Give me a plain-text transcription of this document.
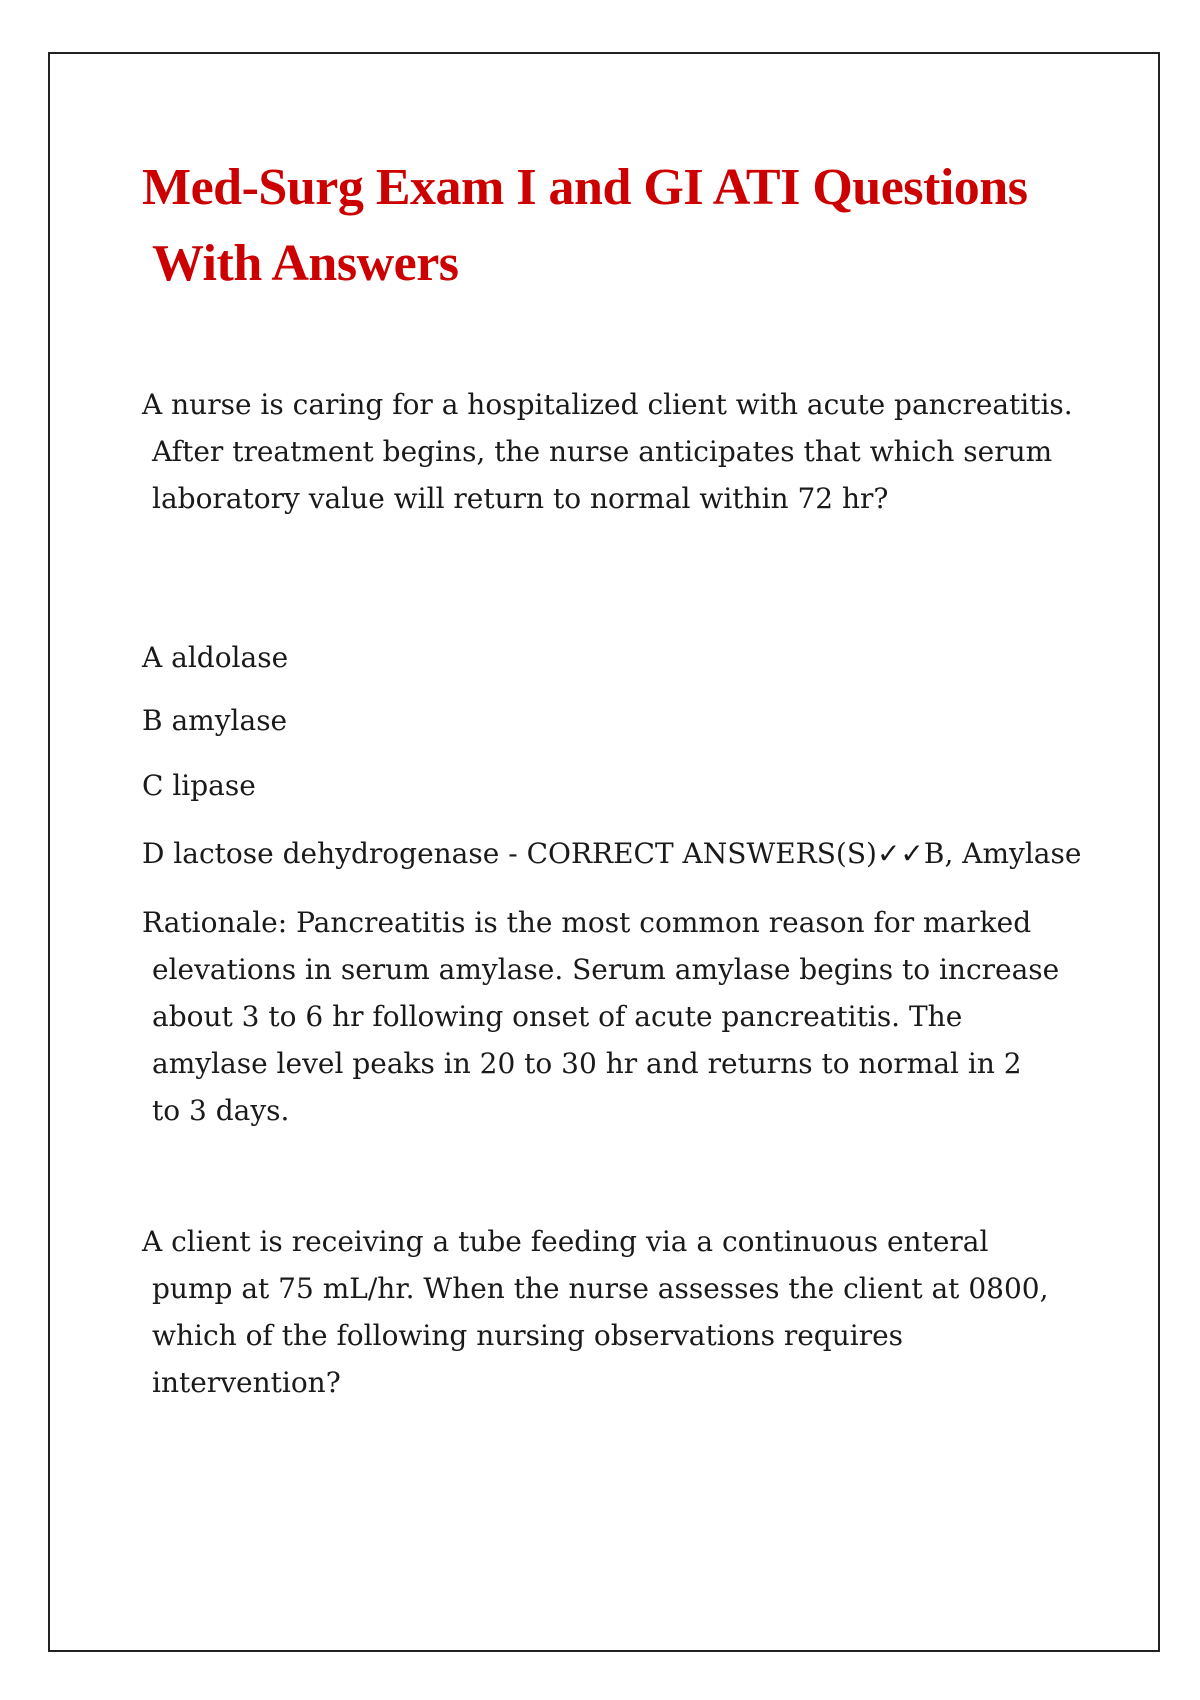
Med-Surg Exam I and GI ATI Questions
With Answers

A nurse is caring for a hospitalized client with acute pancreatitis.
After treatment begins, the nurse anticipates that which serum
laboratory value will return to normal within 72 hr?

A aldolase

B amylase

C lipase

D lactose dehydrogenase - CORRECT ANSWERS(S)✓✓B, Amylase

Rationale: Pancreatitis is the most common reason for marked
elevations in serum amylase. Serum amylase begins to increase
about 3 to 6 hr following onset of acute pancreatitis. The
amylase level peaks in 20 to 30 hr and returns to normal in 2
to 3 days.

A client is receiving a tube feeding via a continuous enteral
pump at 75 mL/hr. When the nurse assesses the client at 0800,
which of the following nursing observations requires
intervention?
